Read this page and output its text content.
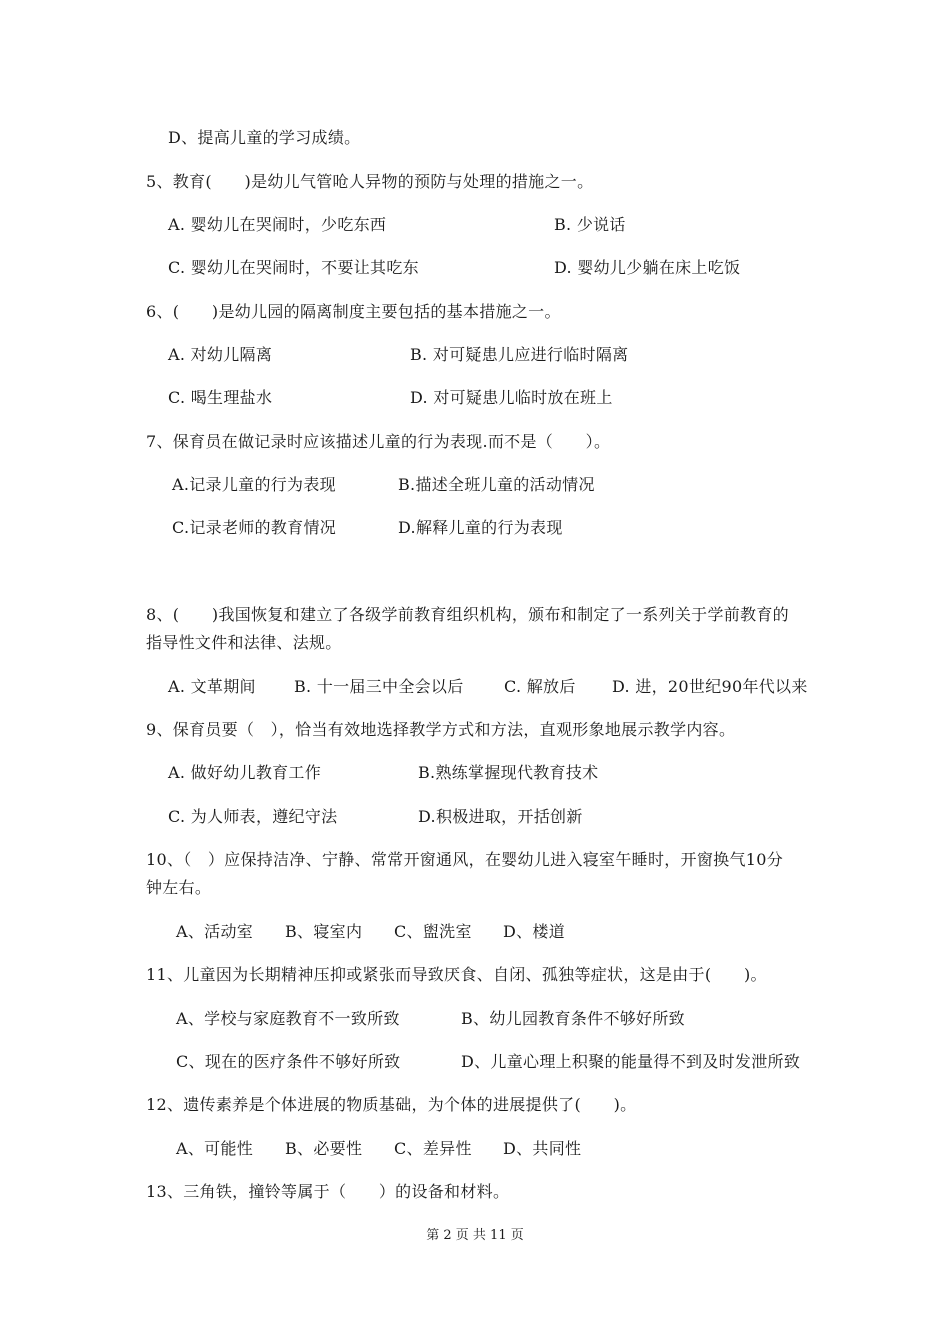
D、提高儿童的学习成绩。
5、教育(　　)是幼儿气管呛人异物的预防与处理的措施之一。
A. 婴幼儿在哭闹时，少吃东西	B. 少说话
C. 婴幼儿在哭闹时，不要让其吃东	D. 婴幼儿少躺在床上吃饭
6、(　　)是幼儿园的隔离制度主要包括的基本措施之一。
A. 对幼儿隔离	B. 对可疑患儿应进行临时隔离
C. 喝生理盐水	D. 对可疑患儿临时放在班上
7、保育员在做记录时应该描述儿童的行为表现.而不是（　　）。
A.记录儿童的行为表现	B.描述全班儿童的活动情况
C.记录老师的教育情况	D.解释儿童的行为表现
8、(　　)我国恢复和建立了各级学前教育组织机构，颁布和制定了一系列关于学前教育的
指导性文件和法律、法规。
A. 文革期间 B. 十一届三中全会以后	C. 解放后 D. 进，20世纪90年代以来
9、保育员要（　），恰当有效地选择教学方式和方法，直观形象地展示教学内容。
A. 做好幼儿教育工作	B.熟练掌握现代教育技术
C. 为人师表，遵纪守法	D.积极进取，开括创新
10、（　）应保持洁净、宁静、常常开窗通风，在婴幼儿进入寝室午睡时，开窗换气10分
钟左右。
A、活动室 B、寝室内 C、盥洗室 D、楼道
11、儿童因为长期精神压抑或紧张而导致厌食、自闭、孤独等症状，这是由于(　　)。
A、学校与家庭教育不一致所致	B、幼儿园教育条件不够好所致
C、现在的医疗条件不够好所致	D、儿童心理上积聚的能量得不到及时发泄所致
12、遗传素养是个体进展的物质基础，为个体的进展提供了(　　)。
A、可能性 B、必要性 C、差异性 D、共同性
13、三角铁，撞铃等属于（　　）的设备和材料。
第 2 页 共 11 页
